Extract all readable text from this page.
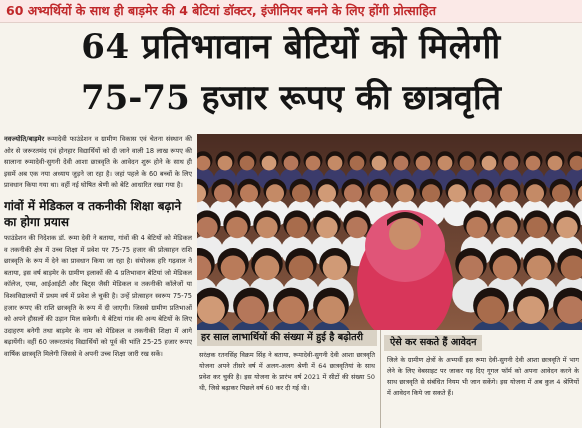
60 अभ्यर्थियों के साथ ही बाड़मेर की 4 बेटियां डॉक्टर, इंजीनियर बनने के लिए होंगी प्रोत्साहित
64 प्रतिभावान बेटियों को मिलेगी
75-75 हजार रूपए की छात्रवृति
नवज्योति/बाड़मेर रूमादेवी फाउंडेशन व ग्रामीण विकास एवं चेतना संस्थान की ओर से जरूरतमंद एवं होनहार विद्यार्थियों को दी जाने वाली 18 लाख रूपए की सालाना रूमादेवी-सुगनी देवी आशा छात्रवृति के आवेदन शुरू होने के साथ ही इसमें अब एक नया अध्याय जुड़ने जा रहा है। जहां पहले के 60 बच्चों के लिए प्रावधान किया गया था। वहीं नई घोषित श्रेणी को बेटि आधारित रखा गया है।
गांवों में मेडिकल व तकनीकी शिक्षा बढ़ाने का होगा प्रयास
फाउंडेशन की निदेशक डॉ. रूमा देवी ने बताया, गांवों की 4 बेटियों को मेडिकल व तकनीकी क्षेत्र में उच्च शिक्षा में प्रवेश पर 75-75 हजार की प्रोत्साहन राशि छात्रवृति के रूप में देने का प्रावधान किया जा रहा है। संयोजक हरि गढ़वाल ने बताया, इस वर्ष बाड़मेर के ग्रामीण इलाकों की 4 प्रतिभावान बेटियां जो मेडिकल कॉलेज, एम्स, आईआईटी और बिट्स जैसी मेडिकल व तकनीकी कॉलेजों या विश्वविद्यालयों में प्रथम वर्ष में प्रवेश ले चुकी है। उन्हें प्रोत्साहन स्वरूप 75-75 हजार रूपए की राशि छात्रवृति के रूप में दी जाएगी। जिससे ग्रामीण प्रतिभाओं को अपने हौसलों की उड़ान मिल सकेगी। ये बेटियां गांव की अन्य बेटियों के लिए उदाहरण बनेगी तथा बाड़मेर के नाम को मेडिकल व तकनीकी शिक्षा में आगे बढ़ायेंगी। वहीं 60 जरूरतमंद विद्यार्थियों को पूर्व की भांति 25-25 हजार रूपए वार्षिक छात्रवृति मिलेगी जिससे वे अपनी उच्च शिक्षा जारी रख सकें।
हर साल लाभार्थियों की संख्या में हुई है बढ़ोतरी
सरंक्षक रतनसिंह विक्रम सिंह ने बताया, रूमादेवी-सुगनी देवी आशा छात्रवृति योजना अपने तीसरे वर्ष में अलग-अलग श्रेणी में 64 छात्रवृतियां के साथ प्रवेश कर चुकी है। इस योजना के प्रारंभ वर्ष 2021 में सीटों की संख्या 50 थी, जिसे बढ़ाकर पिछले वर्ष 60 कर दी गई थी।
ऐसे कर सकते हैं आवेदन
जिले के ग्रामीण क्षेत्रों के अभ्यर्थी इस रूमा देवी-सुगनी देवी आशा छात्रवृति में भाग लेने के लिए वेबसाइट पर जाकर यह दिए गूगल फॉर्म को अपना आवेदन करने के साथ छात्रवृति से संबंधित नियम भी जान सकेंगे। इस योजना में अब कुल 4 श्रेणियों में आवेदन किये जा सकते हैं।
